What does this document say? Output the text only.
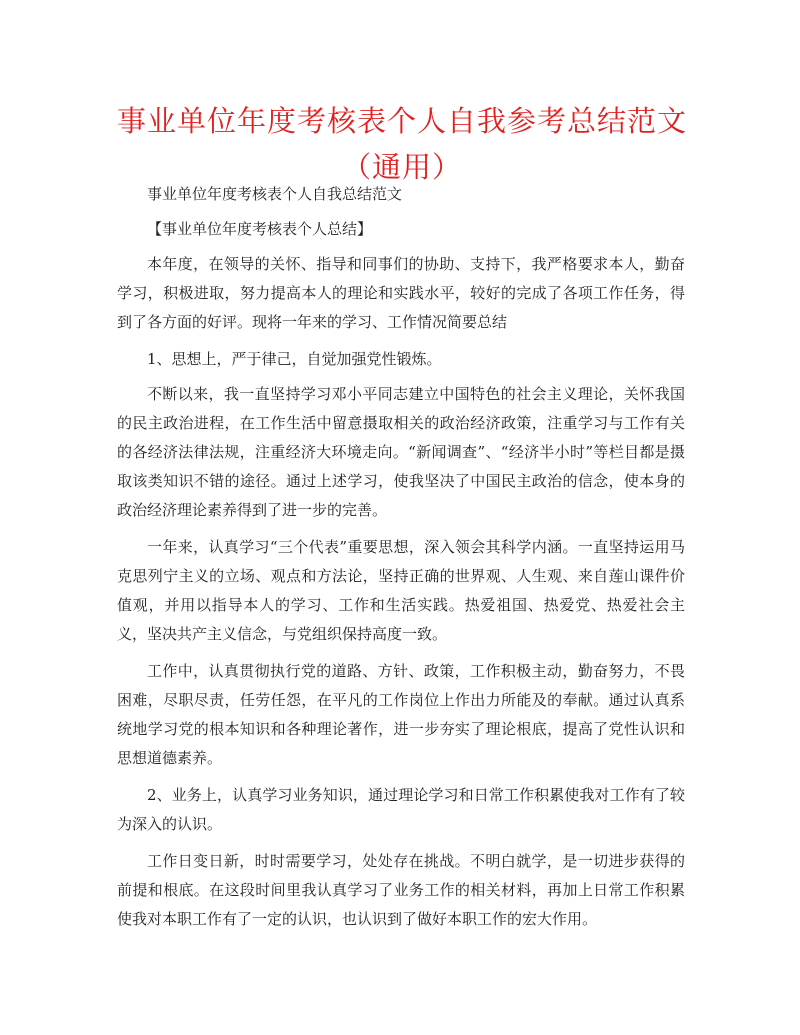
事业单位年度考核表个人自我参考总结范文（通用）

事业单位年度考核表个人自我总结范文

【事业单位年度考核表个人总结】

本年度，在领导的关怀、指导和同事们的协助、支持下，我严格要求本人，勤奋学习，积极进取，努力提高本人的理论和实践水平，较好的完成了各项工作任务，得到了各方面的好评。现将一年来的学习、工作情况简要总结

1、思想上，严于律己，自觉加强党性锻炼。

不断以来，我一直坚持学习邓小平同志建立中国特色的社会主义理论，关怀我国的民主政治进程，在工作生活中留意摄取相关的政治经济政策，注重学习与工作有关的各经济法律法规，注重经济大环境走向。“新闻调查”、“经济半小时”等栏目都是摄取该类知识不错的途径。通过上述学习，使我坚决了中国民主政治的信念，使本身的政治经济理论素养得到了进一步的完善。

一年来，认真学习“三个代表”重要思想，深入领会其科学内涵。一直坚持运用马克思列宁主义的立场、观点和方法论，坚持正确的世界观、人生观、来自莲山课件价值观，并用以指导本人的学习、工作和生活实践。热爱祖国、热爱党、热爱社会主义，坚决共产主义信念，与党组织保持高度一致。

工作中，认真贯彻执行党的道路、方针、政策，工作积极主动，勤奋努力，不畏困难，尽职尽责，任劳任怨，在平凡的工作岗位上作出力所能及的奉献。通过认真系统地学习党的根本知识和各种理论著作，进一步夯实了理论根底，提高了党性认识和思想道德素养。

2、业务上，认真学习业务知识，通过理论学习和日常工作积累使我对工作有了较为深入的认识。

工作日变日新，时时需要学习，处处存在挑战。不明白就学，是一切进步获得的前提和根底。在这段时间里我认真学习了业务工作的相关材料，再加上日常工作积累使我对本职工作有了一定的认识，也认识到了做好本职工作的宏大作用。
